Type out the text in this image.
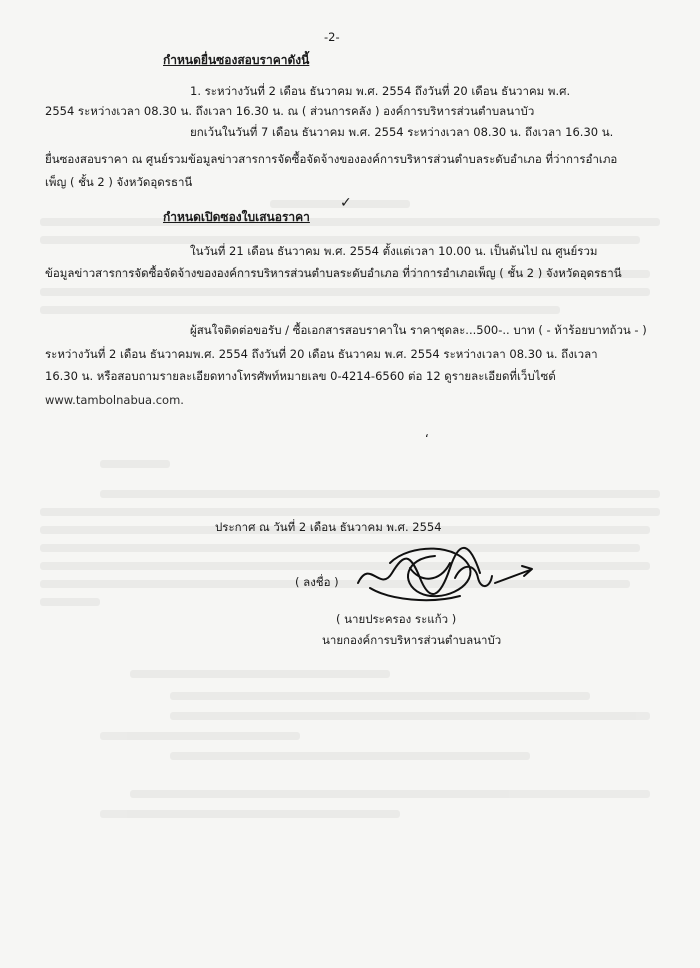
-2-
กำหนดยื่นซองสอบราคาดังนี้
1. ระหว่างวันที่ 2 เดือน ธันวาคม พ.ศ. 2554 ถึงวันที่ 20 เดือน ธันวาคม พ.ศ.
2554 ระหว่างเวลา 08.30 น. ถึงเวลา 16.30 น. ณ ( ส่วนการคลัง ) องค์การบริหารส่วนตำบลนาบัว
ยกเว้นในวันที่ 7 เดือน ธันวาคม พ.ศ. 2554 ระหว่างเวลา 08.30 น. ถึงเวลา 16.30 น.
ยื่นซองสอบราคา ณ ศูนย์รวมข้อมูลข่าวสารการจัดซื้อจัดจ้างขององค์การบริหารส่วนตำบลระดับอำเภอ ที่ว่าการอำเภอ
เพ็ญ ( ชั้น 2 ) จังหวัดอุดรธานี
กำหนดเปิดซองใบเสนอราคา
ในวันที่ 21 เดือน ธันวาคม พ.ศ. 2554 ตั้งแต่เวลา 10.00 น. เป็นต้นไป ณ ศูนย์รวม
ข้อมูลข่าวสารการจัดซื้อจัดจ้างขององค์การบริหารส่วนตำบลระดับอำเภอ ที่ว่าการอำเภอเพ็ญ ( ชั้น 2 ) จังหวัดอุดรธานี
ผู้สนใจติดต่อขอรับ / ซื้อเอกสารสอบราคาใน ราคาชุดละ...500-.. บาท ( - ห้าร้อยบาทถ้วน - )
ระหว่างวันที่ 2 เดือน ธันวาคมพ.ศ. 2554 ถึงวันที่ 20 เดือน ธันวาคม พ.ศ. 2554 ระหว่างเวลา 08.30 น. ถึงเวลา
16.30 น. หรือสอบถามรายละเอียดทางโทรศัพท์หมายเลข 0-4214-6560 ต่อ 12 ดูรายละเอียดที่เว็บไซต์
www.tambolnabua.com.
ประกาศ ณ วันที่ 2 เดือน ธันวาคม พ.ศ. 2554
( ลงชื่อ )
( นายประครอง ระแก้ว )
นายกองค์การบริหารส่วนตำบลนาบัว
✓
ʻ
